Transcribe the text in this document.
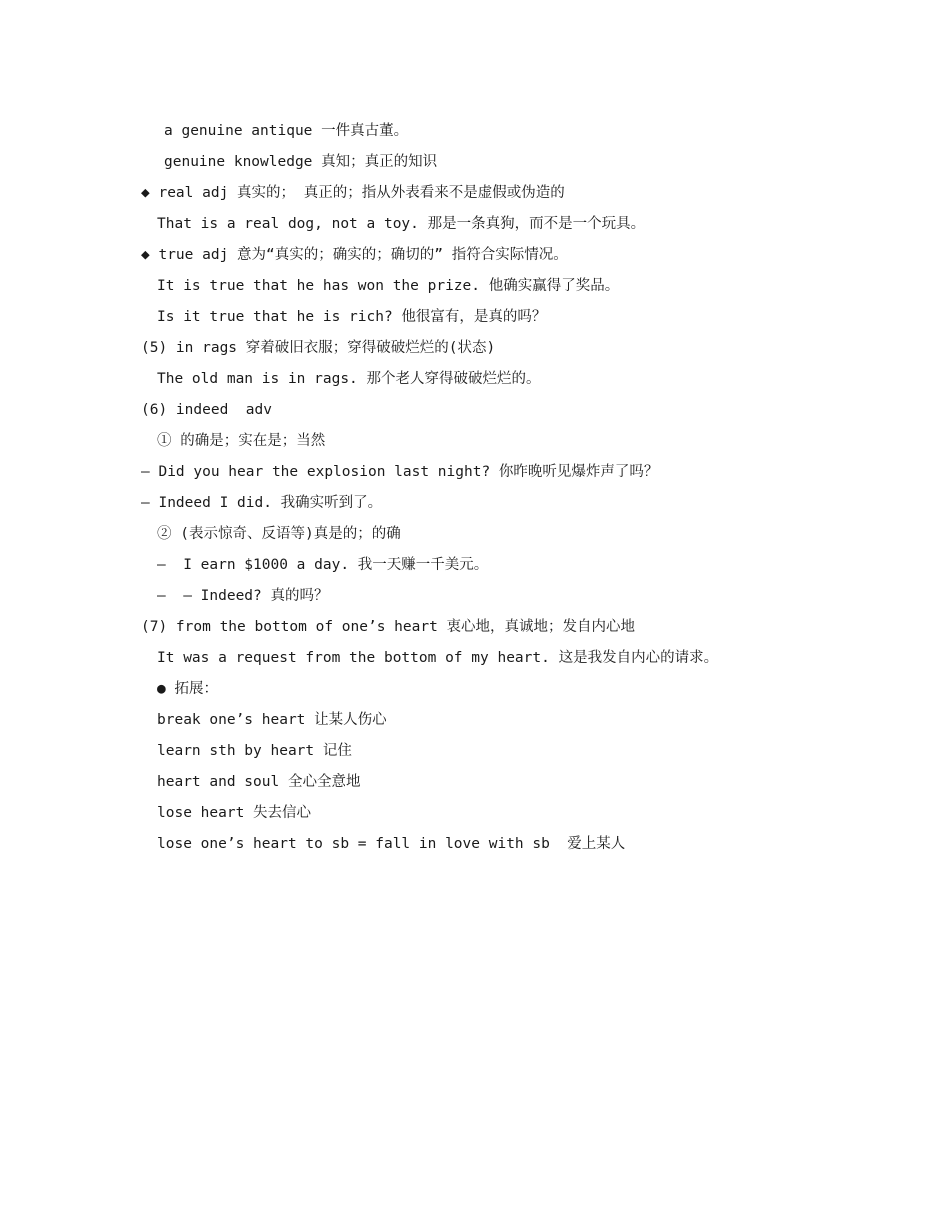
a genuine antique 一件真古董。
genuine knowledge 真知；真正的知识
◆ real adj 真实的； 真正的；指从外表看来不是虚假或伪造的
That is a real dog, not a toy. 那是一条真狗，而不是一个玩具。
◆ true adj 意为“真实的；确实的；确切的” 指符合实际情况。
It is true that he has won the prize. 他确实赢得了奖品。
Is it true that he is rich? 他很富有，是真的吗？
(5) in rags 穿着破旧衣服；穿得破破烂烂的(状态)
The old man is in rags. 那个老人穿得破破烂烂的。
(6) indeed  adv
① 的确是；实在是；当然
— Did you hear the explosion last night? 你昨晚听见爆炸声了吗？
— Indeed I did. 我确实听到了。
② (表示惊奇、反语等)真是的；的确
—  I earn $1000 a day. 我一天赚一千美元。
—  — Indeed? 真的吗？
(7) from the bottom of one’s heart 衷心地，真诚地；发自内心地
It was a request from the bottom of my heart. 这是我发自内心的请求。
● 拓展：
break one’s heart 让某人伤心
learn sth by heart 记住
heart and soul 全心全意地
lose heart 失去信心
lose one’s heart to sb = fall in love with sb  爱上某人
